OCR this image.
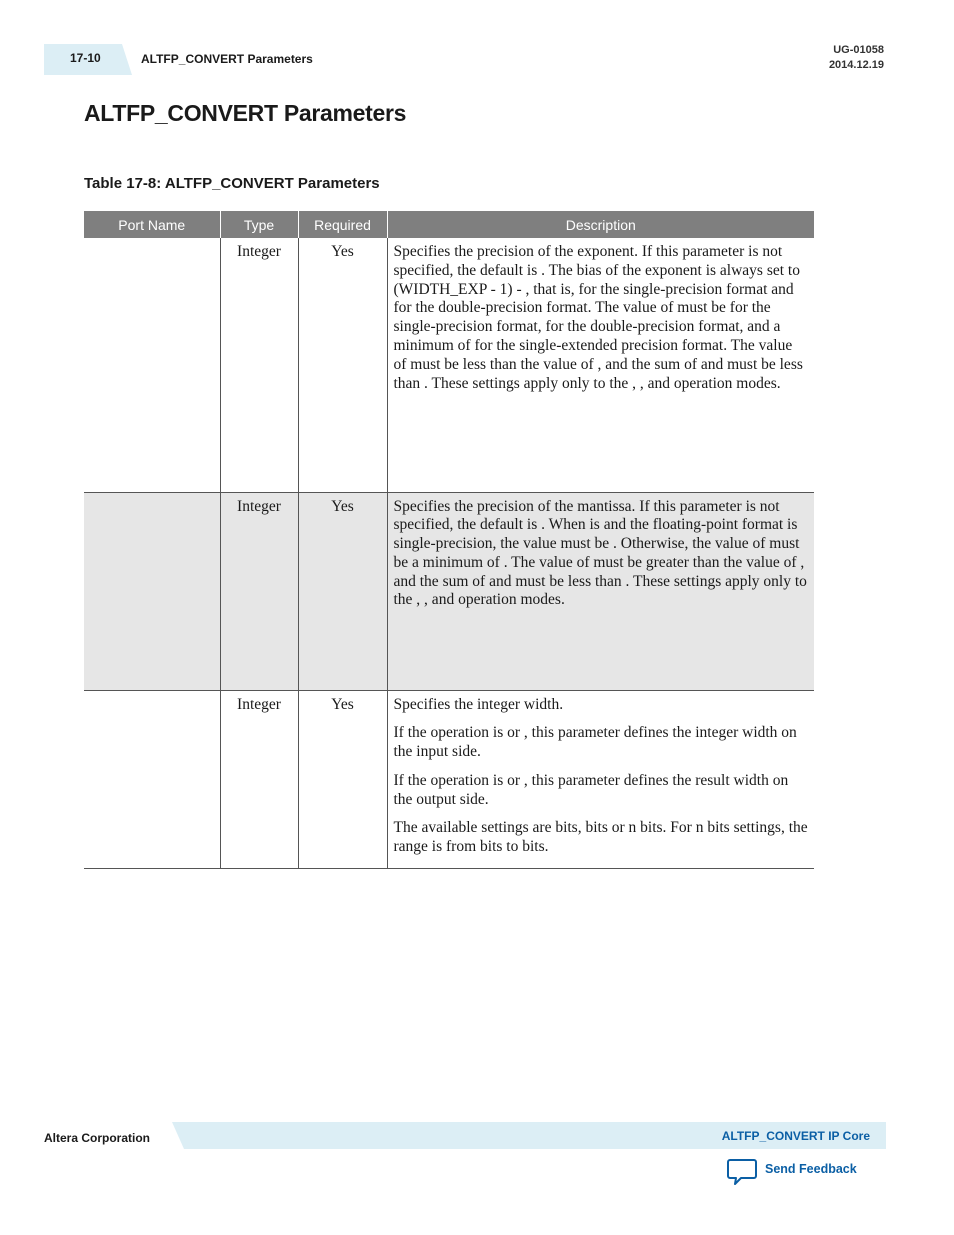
17-10	ALTFP_CONVERT Parameters
UG-01058
2014.12.19
ALTFP_CONVERT Parameters
Table 17-8: ALTFP_CONVERT Parameters
Port Name	Type	Required	Description
	Integer	Yes	Specifies the precision of the exponent. If this parameter is not specified, the default is . The bias of the exponent is always set to (WIDTH_EXP - 1) - , that is, for the single-precision format and for the double-precision format. The value of must be for the single-precision format, for the double-precision format, and a minimum of for the single-extended precision format. The value of must be less than the value of , and the sum of and must be less than . These settings apply only to the , , and operation modes.

	Integer	Yes	Specifies the precision of the mantissa. If this parameter is not specified, the default is . When is and the floating-point format is single-precision, the value must be . Otherwise, the value of must be a minimum of . The value of must be greater than the value of , and the sum of and must be less than . These settings apply only to the , , and operation modes.

	Integer	Yes	Specifies the integer width.

If the operation is or , this parameter defines the integer width on the input side.

If the operation is or , this parameter defines the result width on the output side.

The available settings are bits, bits or n bits. For n bits settings, the range is from bits to bits.

Altera Corporation	ALTFP_CONVERT IP Core
Send Feedback
